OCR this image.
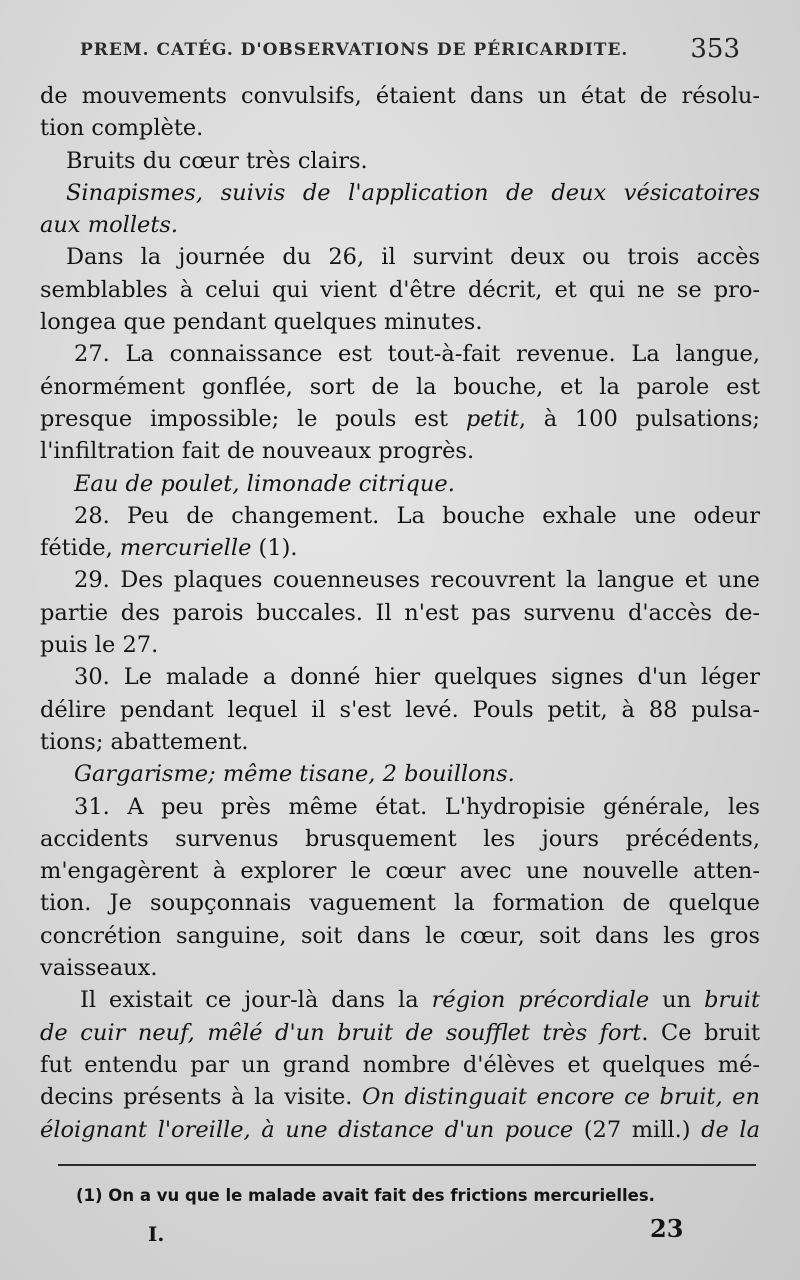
PREM. CATÉG. D'OBSERVATIONS DE PÉRICARDITE. 353
de mouvements convulsifs, étaient dans un état de résolu-
tion complète.
Bruits du cœur très clairs.
Sinapismes, suivis de l'application de deux vésicatoires
aux mollets.
Dans la journée du 26, il survint deux ou trois accès
semblables à celui qui vient d'être décrit, et qui ne se pro-
longea que pendant quelques minutes.
27. La connaissance est tout-à-fait revenue. La langue,
énormément gonflée, sort de la bouche, et la parole est
presque impossible; le pouls est petit, à 100 pulsations;
l'infiltration fait de nouveaux progrès.
Eau de poulet, limonade citrique.
28. Peu de changement. La bouche exhale une odeur
fétide, mercurielle (1).
29. Des plaques couenneuses recouvrent la langue et une
partie des parois buccales. Il n'est pas survenu d'accès de-
puis le 27.
30. Le malade a donné hier quelques signes d'un léger
délire pendant lequel il s'est levé. Pouls petit, à 88 pulsa-
tions; abattement.
Gargarisme; même tisane, 2 bouillons.
31. A peu près même état. L'hydropisie générale, les
accidents survenus brusquement les jours précédents,
m'engagèrent à explorer le cœur avec une nouvelle atten-
tion. Je soupçonnais vaguement la formation de quelque
concrétion sanguine, soit dans le cœur, soit dans les gros
vaisseaux.
Il existait ce jour-là dans la région précordiale un bruit
de cuir neuf, mêlé d'un bruit de soufflet très fort. Ce bruit
fut entendu par un grand nombre d'élèves et quelques mé-
decins présents à la visite. On distinguait encore ce bruit, en
éloignant l'oreille, à une distance d'un pouce (27 mill.) de la
(1) On a vu que le malade avait fait des frictions mercurielles.
I.	23
